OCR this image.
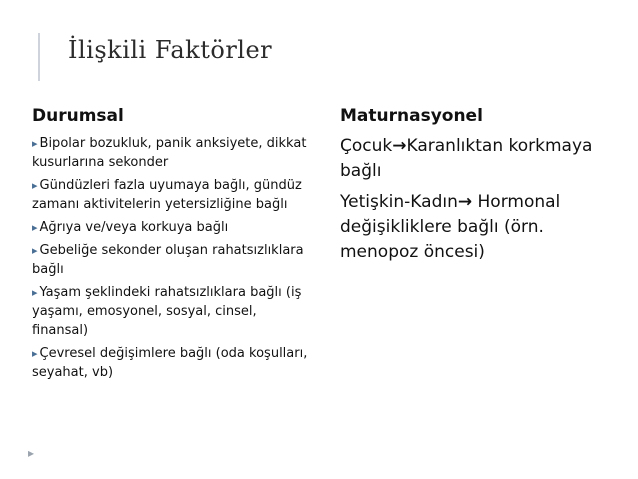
İlişkili Faktörler
Durumsal
▸ Bipolar bozukluk, panik anksiyete, dikkat kusurlarına sekonder
▸ Gündüzleri fazla uyumaya bağlı, gündüz zamanı aktivitelerin yetersizliğine bağlı
▸ Ağrıya ve/veya korkuya bağlı
▸ Gebeliğe sekonder oluşan rahatsızlıklara bağlı
▸ Yaşam şeklindeki rahatsızlıklara bağlı (iş yaşamı, emosyonel, sosyal, cinsel, finansal)
▸ Çevresel değişimlere bağlı (oda koşulları, seyahat, vb)
Maturnasyonel

Çocuk→Karanlıktan korkmaya bağlı

Yetişkin-Kadın→ Hormonal değişikliklere bağlı (örn. menopoz öncesi)

▸
